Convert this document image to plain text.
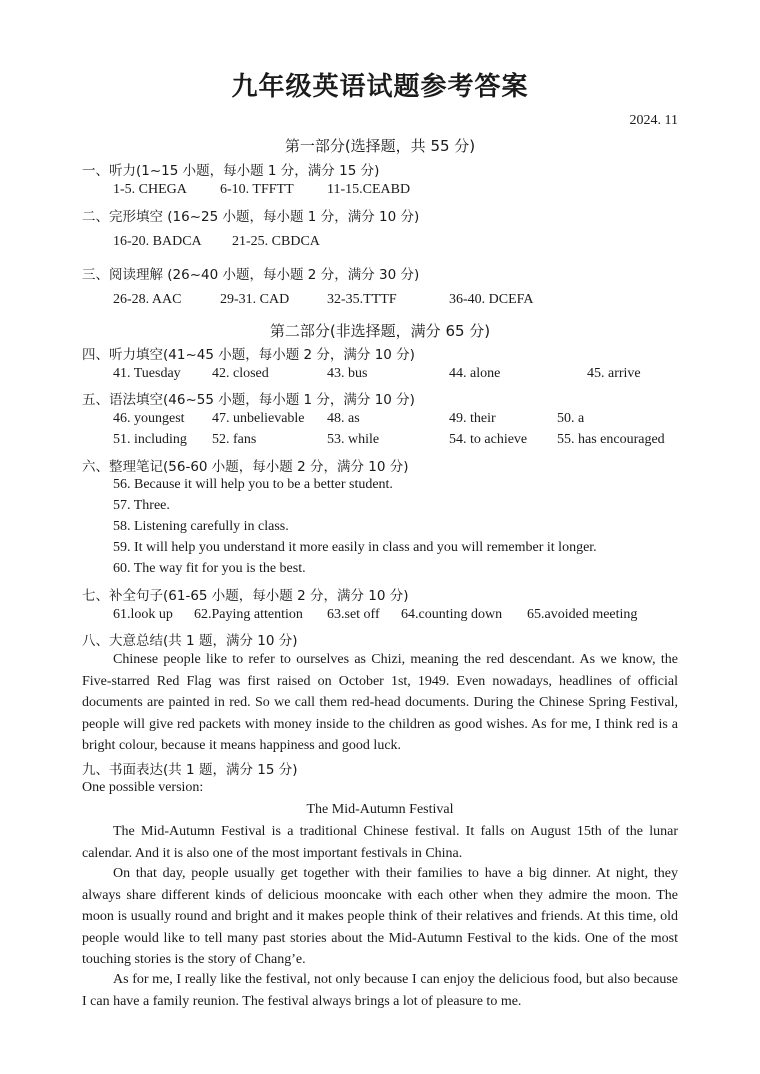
九年级英语试题参考答案
2024. 11
第一部分(选择题，共 55 分)
一、听力(1~15 小题，每小题 1 分，满分 15 分)
1-5. CHEGA 6-10. TFFTT 11-15.CEABD
二、完形填空 (16~25 小题，每小题 1 分，满分 10 分)
16-20. BADCA 21-25. CBDCA
三、阅读理解 (26~40 小题，每小题 2 分，满分 30 分)
26-28. AAC	29-31. CAD	32-35.TTTF	36-40. DCEFA
第二部分(非选择题，满分 65 分)
四、听力填空(41~45 小题，每小题 2 分，满分 10 分)
41. Tuesday 42. closed	43. bus	44. alone	45. arrive
五、语法填空(46~55 小题，每小题 1 分，满分 10 分)
46. youngest 47. unbelievable 48. as	49. their	50. a
51. including 52. fans	53. while	54. to achieve 55. has encouraged
六、整理笔记(56-60 小题，每小题 2 分，满分 10 分)
56. Because it will help you to be a better student.
57. Three.
58. Listening carefully in class.
59. It will help you understand it more easily in class and you will remember it longer.
60. The way fit for you is the best.
七、补全句子(61-65 小题，每小题 2 分，满分 10 分)
61.look up 62.Paying attention 63.set off 64.counting down 65.avoided meeting
八、大意总结(共 1 题，满分 10 分)

Chinese people like to refer to ourselves as Chizi, meaning the red descendant. As we know, the Five-starred Red Flag was first raised on October 1st, 1949. Even nowadays, headlines of official documents are painted in red. So we call them red-head documents. During the Chinese Spring Festival, people will give red packets with money inside to the children as good wishes. As for me, I think red is a bright colour, because it means happiness and good luck.

九、书面表达(共 1 题，满分 15 分)
One possible version:
The Mid-Autumn Festival

The Mid-Autumn Festival is a traditional Chinese festival. It falls on August 15th of the lunar calendar. And it is also one of the most important festivals in China.

On that day, people usually get together with their families to have a big dinner. At night, they always share different kinds of delicious mooncake with each other when they admire the moon. The moon is usually round and bright and it makes people think of their relatives and friends. At this time, old people would like to tell many past stories about the Mid-Autumn Festival to the kids. One of the most touching stories is the story of Chang’e.

As for me, I really like the festival, not only because I can enjoy the delicious food, but also because I can have a family reunion. The festival always brings a lot of pleasure to me.
